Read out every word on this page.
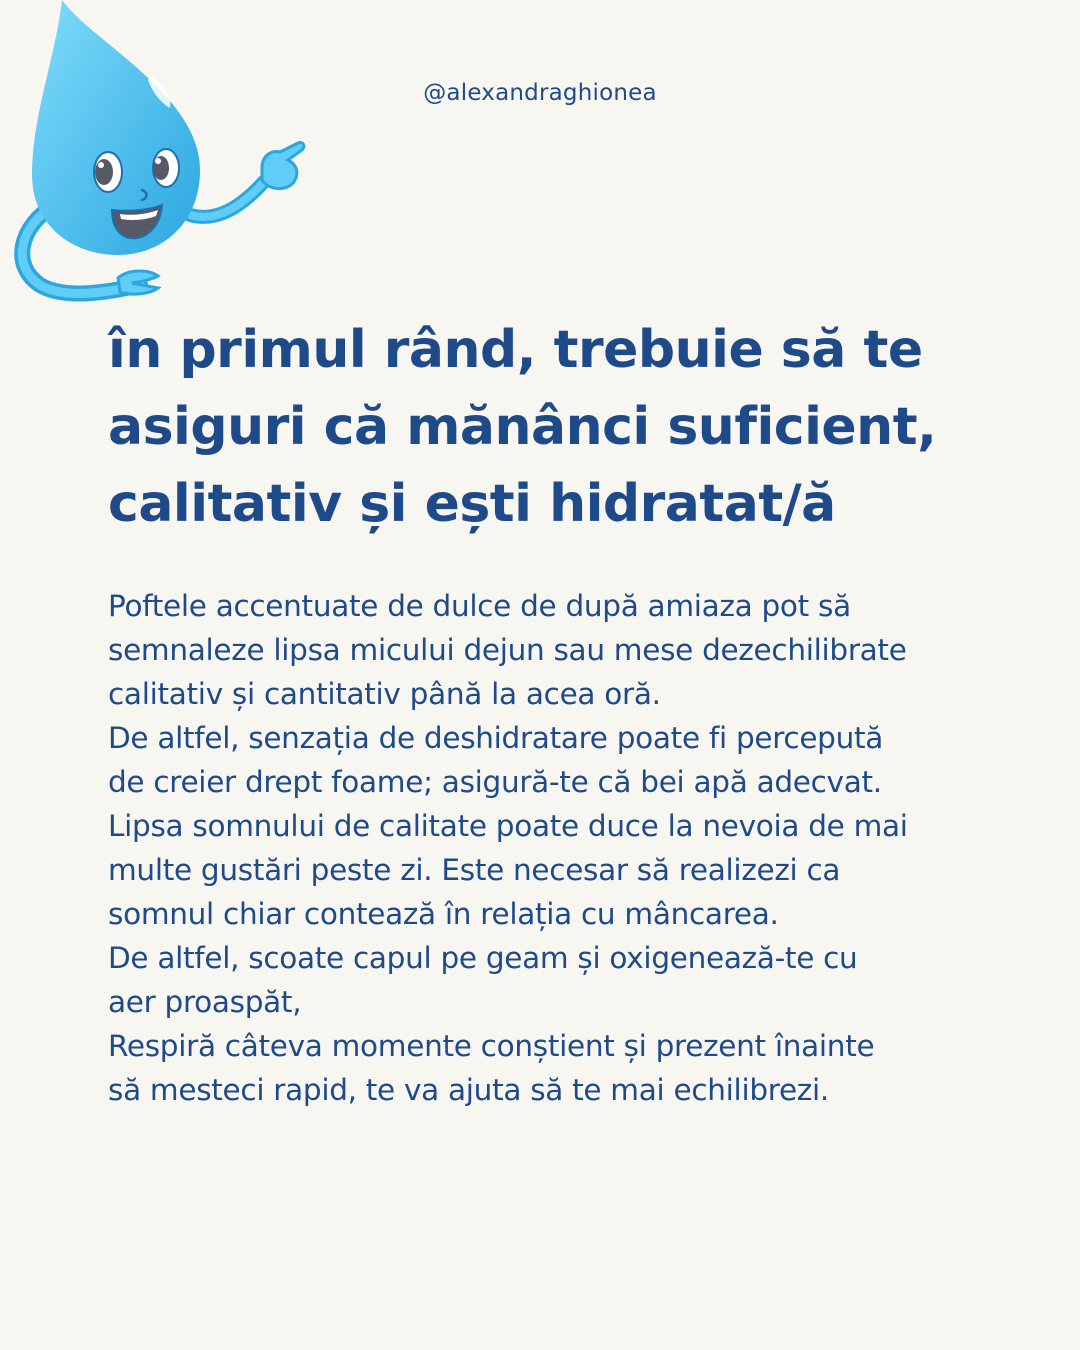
@alexandraghionea
în primul rând, trebuie să te
asiguri că mănânci suficient,
calitativ și ești hidratat/ă
Poftele accentuate de dulce de după amiaza pot să
semnaleze lipsa micului dejun sau mese dezechilibrate
calitativ și cantitativ până la acea oră.
De altfel, senzația de deshidratare poate fi percepută
de creier drept foame; asigură-te că bei apă adecvat.
Lipsa somnului de calitate poate duce la nevoia de mai
multe gustări peste zi. Este necesar să realizezi ca
somnul chiar contează în relația cu mâncarea.
De altfel, scoate capul pe geam și oxigenează-te cu
aer proaspăt,
Respiră câteva momente conștient și prezent înainte
să mesteci rapid, te va ajuta să te mai echilibrezi.
